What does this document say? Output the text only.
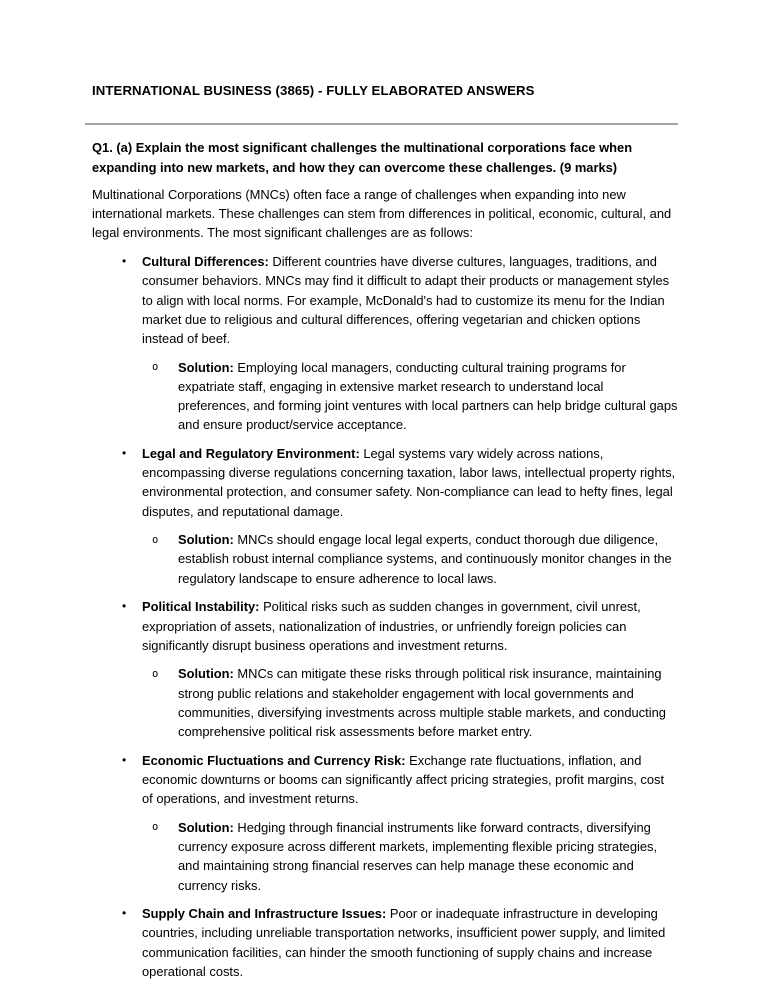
INTERNATIONAL BUSINESS (3865) - FULLY ELABORATED ANSWERS

Q1. (a) Explain the most significant challenges the multinational corporations face when expanding into new markets, and how they can overcome these challenges. (9 marks)

Multinational Corporations (MNCs) often face a range of challenges when expanding into new international markets. These challenges can stem from differences in political, economic, cultural, and legal environments. The most significant challenges are as follows:

• Cultural Differences: Different countries have diverse cultures, languages, traditions, and consumer behaviors. MNCs may find it difficult to adapt their products or management styles to align with local norms. For example, McDonald's had to customize its menu for the Indian market due to religious and cultural differences, offering vegetarian and chicken options instead of beef.

o Solution: Employing local managers, conducting cultural training programs for expatriate staff, engaging in extensive market research to understand local preferences, and forming joint ventures with local partners can help bridge cultural gaps and ensure product/service acceptance.

• Legal and Regulatory Environment: Legal systems vary widely across nations, encompassing diverse regulations concerning taxation, labor laws, intellectual property rights, environmental protection, and consumer safety. Non-compliance can lead to hefty fines, legal disputes, and reputational damage.

o Solution: MNCs should engage local legal experts, conduct thorough due diligence, establish robust internal compliance systems, and continuously monitor changes in the regulatory landscape to ensure adherence to local laws.

• Political Instability: Political risks such as sudden changes in government, civil unrest, expropriation of assets, nationalization of industries, or unfriendly foreign policies can significantly disrupt business operations and investment returns.

o Solution: MNCs can mitigate these risks through political risk insurance, maintaining strong public relations and stakeholder engagement with local governments and communities, diversifying investments across multiple stable markets, and conducting comprehensive political risk assessments before market entry.

• Economic Fluctuations and Currency Risk: Exchange rate fluctuations, inflation, and economic downturns or booms can significantly affect pricing strategies, profit margins, cost of operations, and investment returns.

o Solution: Hedging through financial instruments like forward contracts, diversifying currency exposure across different markets, implementing flexible pricing strategies, and maintaining strong financial reserves can help manage these economic and currency risks.

• Supply Chain and Infrastructure Issues: Poor or inadequate infrastructure in developing countries, including unreliable transportation networks, insufficient power supply, and limited communication facilities, can hinder the smooth functioning of supply chains and increase operational costs.
